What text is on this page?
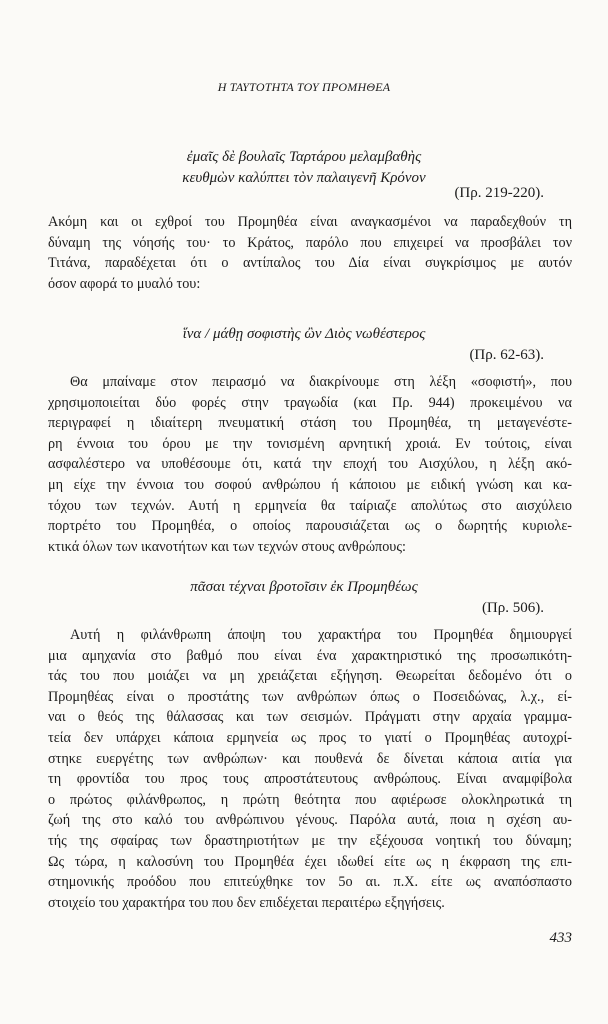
Η ΤΑΥΤΟΤΗΤΑ ΤΟΥ ΠΡΟΜΗΘΕΑ
ἐμαῖς δὲ βουλαῖς Ταρτάρου μελαμβαθὴς
κευθμὼν καλύπτει τὸν παλαιγενῆ Κρόνον
(Πρ. 219-220).
Ακόμη και οι εχθροί του Προμηθέα είναι αναγκασμένοι να παραδεχθούν τη
δύναμη της νόησής του· το Κράτος, παρόλο που επιχειρεί να προσβάλει τον
Τιτάνα, παραδέχεται ότι ο αντίπαλος του Δία είναι συγκρίσιμος με αυτόν
όσον αφορά το μυαλό του:
ἵνα / μάθῃ σοφιστὴς ὢν Διὸς νωθέστερος
(Πρ. 62-63).
Θα μπαίναμε στον πειρασμό να διακρίνουμε στη λέξη «σοφιστή», που
χρησιμοποιείται δύο φορές στην τραγωδία (και Πρ. 944) προκειμένου να
περιγραφεί η ιδιαίτερη πνευματική στάση του Προμηθέα, τη μεταγενέστε-
ρη έννοια του όρου με την τονισμένη αρνητική χροιά. Εν τούτοις, είναι
ασφαλέστερο να υποθέσουμε ότι, κατά την εποχή του Αισχύλου, η λέξη ακό-
μη είχε την έννοια του σοφού ανθρώπου ή κάποιου με ειδική γνώση και κα-
τόχου των τεχνών. Αυτή η ερμηνεία θα ταίριαζε απολύτως στο αισχύλειο
πορτρέτο του Προμηθέα, ο οποίος παρουσιάζεται ως ο δωρητής κυριολε-
κτικά όλων των ικανοτήτων και των τεχνών στους ανθρώπους:
πᾶσαι τέχναι βροτοῖσιν ἐκ Προμηθέως
(Πρ. 506).
Αυτή η φιλάνθρωπη άποψη του χαρακτήρα του Προμηθέα δημιουργεί
μια αμηχανία στο βαθμό που είναι ένα χαρακτηριστικό της προσωπικότη-
τάς του που μοιάζει να μη χρειάζεται εξήγηση. Θεωρείται δεδομένο ότι ο
Προμηθέας είναι ο προστάτης των ανθρώπων όπως ο Ποσειδώνας, λ.χ., εί-
ναι ο θεός της θάλασσας και των σεισμών. Πράγματι στην αρχαία γραμμα-
τεία δεν υπάρχει κάποια ερμηνεία ως προς το γιατί ο Προμηθέας αυτοχρί-
στηκε ευεργέτης των ανθρώπων· και πουθενά δε δίνεται κάποια αιτία για
τη φροντίδα του προς τους απροστάτευτους ανθρώπους. Είναι αναμφίβολα
ο πρώτος φιλάνθρωπος, η πρώτη θεότητα που αφιέρωσε ολοκληρωτικά τη
ζωή της στο καλό του ανθρώπινου γένους. Παρόλα αυτά, ποια η σχέση αυ-
τής της σφαίρας των δραστηριοτήτων με την εξέχουσα νοητική του δύναμη;
Ως τώρα, η καλοσύνη του Προμηθέα έχει ιδωθεί είτε ως η έκφραση της επι-
στημονικής προόδου που επιτεύχθηκε τον 5ο αι. π.Χ. είτε ως αναπόσπαστο
στοιχείο του χαρακτήρα του που δεν επιδέχεται περαιτέρω εξηγήσεις.
433
